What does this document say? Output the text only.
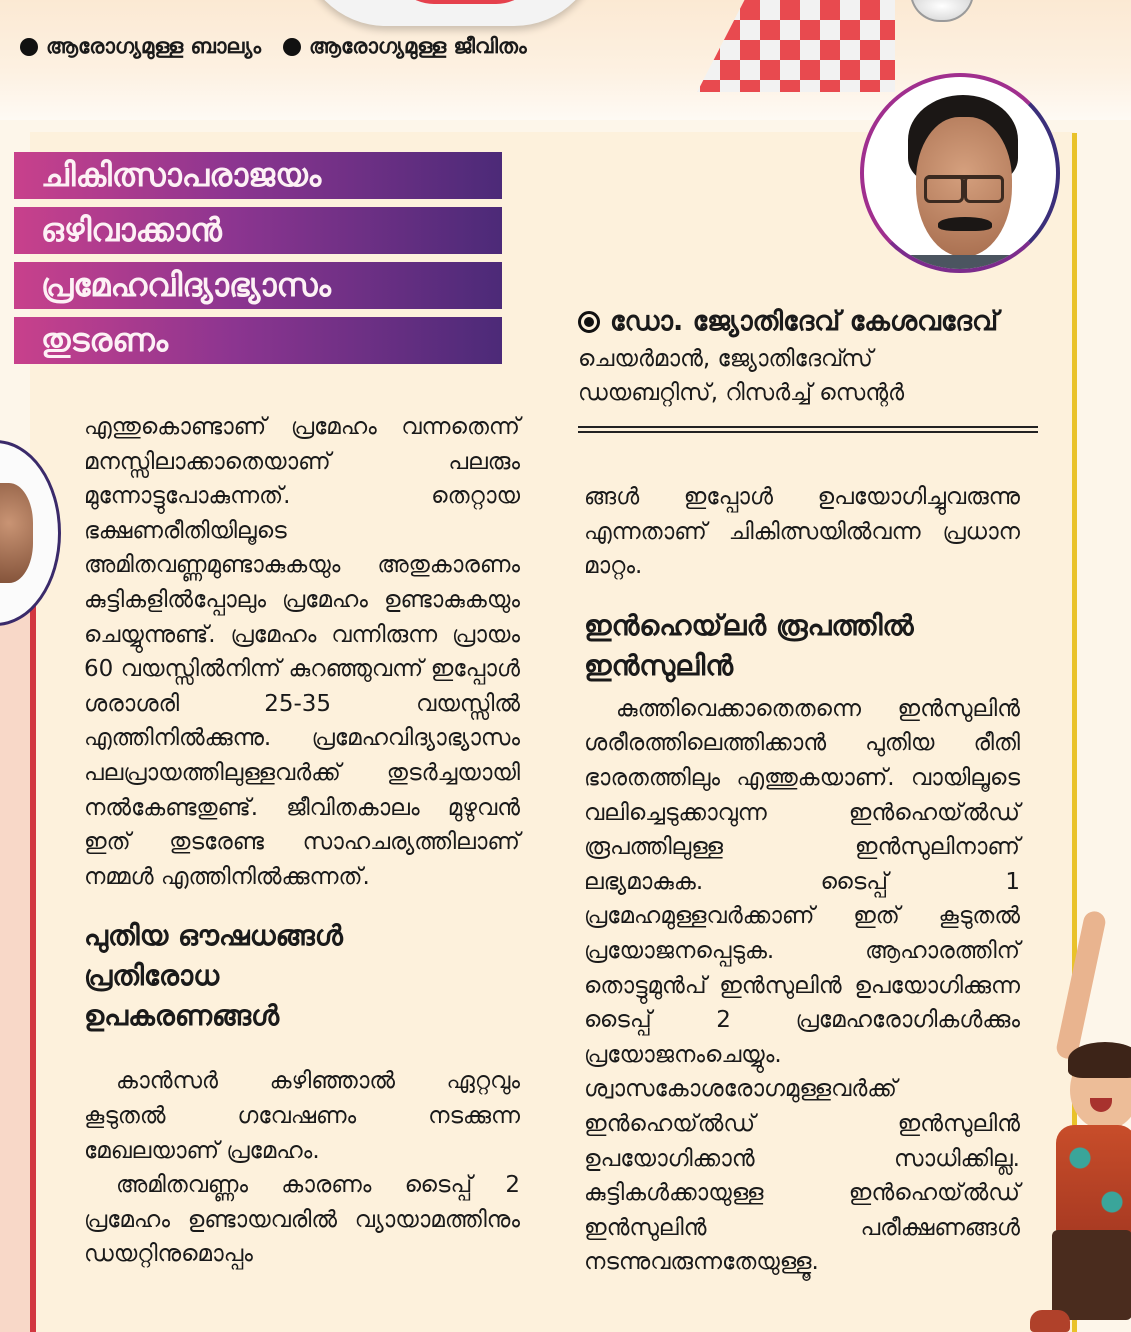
ആരോഗ്യമുള്ള ബാല്യം ആരോഗ്യമുള്ള ജീവിതം
ചികിത്സാപരാജയം
ഒഴിവാക്കാൻ
പ്രമേഹവിദ്യാഭ്യാസം
തുടരണം	ഡോ. ജ്യോതിദേവ് കേശവദേവ്
ചെയർമാൻ, ജ്യോതിദേവ്സ്
ഡയബറ്റിസ്, റിസർച്ച് സെന്റർ

എന്തുകൊണ്ടാണ് പ്രമേഹം വന്നതെന്ന് മനസ്സിലാക്കാതെയാണ് പലരും മുന്നോട്ടുപോകുന്നത്. തെറ്റായ ഭക്ഷണരീതിയിലൂടെ അമിതവണ്ണമുണ്ടാകുകയും അതുകാരണം കുട്ടികളിൽപ്പോലും പ്രമേഹം ഉണ്ടാകുകയും ചെയ്യുന്നുണ്ട്. പ്രമേഹം വന്നിരുന്ന പ്രായം 60 വയസ്സിൽനിന്ന് കുറഞ്ഞുവന്ന് ഇപ്പോൾ ശരാശരി 25-35 വയസ്സിൽ എത്തിനിൽക്കുന്നു. പ്രമേഹവിദ്യാഭ്യാസം പലപ്രായത്തിലുള്ളവർക്ക് തുടർച്ചയായി നൽകേണ്ടതുണ്ട്. ജീവിതകാലം മുഴുവൻ ഇത് തുടരേണ്ട സാഹചര്യത്തിലാണ് നമ്മൾ എത്തിനിൽക്കുന്നത്.

പുതിയ ഔഷധങ്ങൾ
പ്രതിരോധ
ഉപകരണങ്ങൾ

കാൻസർ കഴിഞ്ഞാൽ ഏറ്റവും കൂടുതൽ ഗവേഷണം നടക്കുന്ന മേഖലയാണ് പ്രമേഹം.

അമിതവണ്ണം കാരണം ടൈപ്പ് 2 പ്രമേഹം ഉണ്ടായവരിൽ വ്യായാമത്തിനും ഡയറ്റിനുമൊപ്പം

ങ്ങൾ ഇപ്പോൾ ഉപയോഗിച്ചുവരുന്നു എന്നതാണ് ചികിത്സയിൽവന്ന പ്രധാന മാറ്റം.

ഇൻഹെയ്‌ലർ രൂപത്തിൽ
ഇൻസുലിൻ

കുത്തിവെക്കാതെതന്നെ ഇൻസുലിൻ ശരീരത്തിലെത്തിക്കാൻ പുതിയ രീതി ഭാരതത്തിലും എത്തുകയാണ്. വായിലൂടെ വലിച്ചെടുക്കാവുന്ന ഇൻഹെയ്‌ൽഡ് രൂപത്തിലുള്ള ഇൻസുലിനാണ് ലഭ്യമാകുക. ടൈപ്പ് 1 പ്രമേഹമുള്ളവർക്കാണ് ഇത് കൂടുതൽ പ്രയോജനപ്പെടുക. ആഹാരത്തിന് തൊട്ടുമുൻപ് ഇൻസുലിൻ ഉപയോഗിക്കുന്ന ടൈപ്പ് 2 പ്രമേഹരോഗികൾക്കും പ്രയോജനംചെയ്യും. ശ്വാസകോശരോഗമുള്ളവർക്ക് ഇൻഹെയ്‌ൽഡ് ഇൻസുലിൻ ഉപയോഗിക്കാൻ സാധിക്കില്ല. കുട്ടികൾക്കായുള്ള ഇൻഹെയ്‌ൽഡ് ഇൻസുലിൻ പരീക്ഷണങ്ങൾ നടന്നുവരുന്നതേയുള്ളൂ.
